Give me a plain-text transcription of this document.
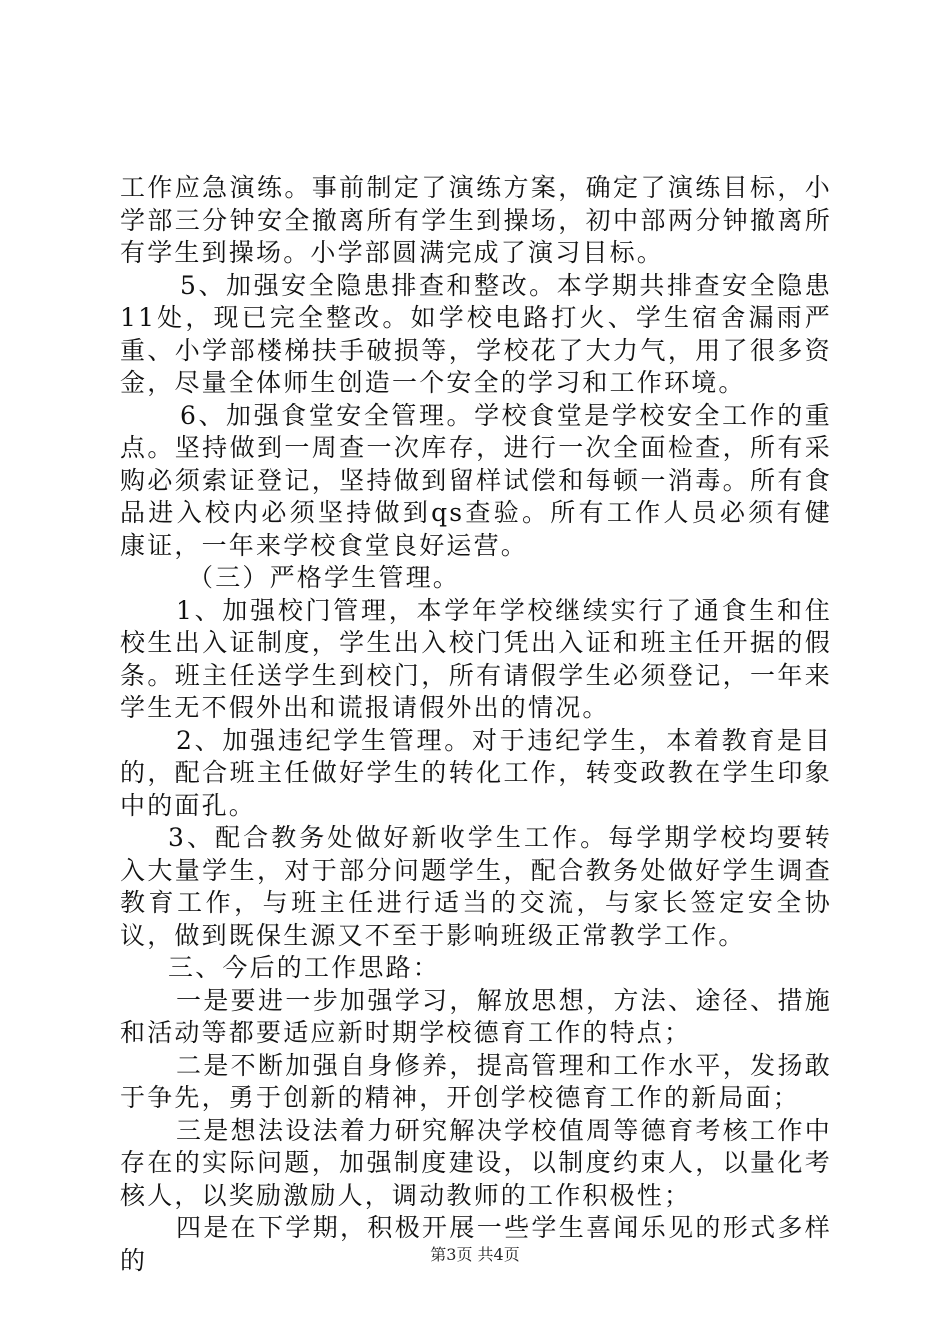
工作应急演练。事前制定了演练方案，确定了演练目标，小学部三分钟安全撤离所有学生到操场，初中部两分钟撤离所有学生到操场。小学部圆满完成了演习目标。

5、加强安全隐患排查和整改。本学期共排查安全隐患11处，现已完全整改。如学校电路打火、学生宿舍漏雨严重、小学部楼梯扶手破损等，学校花了大力气，用了很多资金，尽量全体师生创造一个安全的学习和工作环境。

6、加强食堂安全管理。学校食堂是学校安全工作的重点。坚持做到一周查一次库存，进行一次全面检查，所有采购必须索证登记，坚持做到留样试偿和每顿一消毒。所有食品进入校内必须坚持做到qs查验。所有工作人员必须有健康证，一年来学校食堂良好运营。

（三）严格学生管理。

1、加强校门管理，本学年学校继续实行了通食生和住校生出入证制度，学生出入校门凭出入证和班主任开据的假条。班主任送学生到校门，所有请假学生必须登记，一年来学生无不假外出和谎报请假外出的情况。

2、加强违纪学生管理。对于违纪学生，本着教育是目的，配合班主任做好学生的转化工作，转变政教在学生印象中的面孔。

3、配合教务处做好新收学生工作。每学期学校均要转入大量学生，对于部分问题学生，配合教务处做好学生调查教育工作，与班主任进行适当的交流，与家长签定安全协议，做到既保生源又不至于影响班级正常教学工作。

三、今后的工作思路：

一是要进一步加强学习，解放思想，方法、途径、措施和活动等都要适应新时期学校德育工作的特点；

二是不断加强自身修养，提高管理和工作水平，发扬敢于争先，勇于创新的精神，开创学校德育工作的新局面；

三是想法设法着力研究解决学校值周等德育考核工作中存在的实际问题，加强制度建设，以制度约束人，以量化考核人，以奖励激励人，调动教师的工作积极性；

四是在下学期，积极开展一些学生喜闻乐见的形式多样的	第3页 共4页
